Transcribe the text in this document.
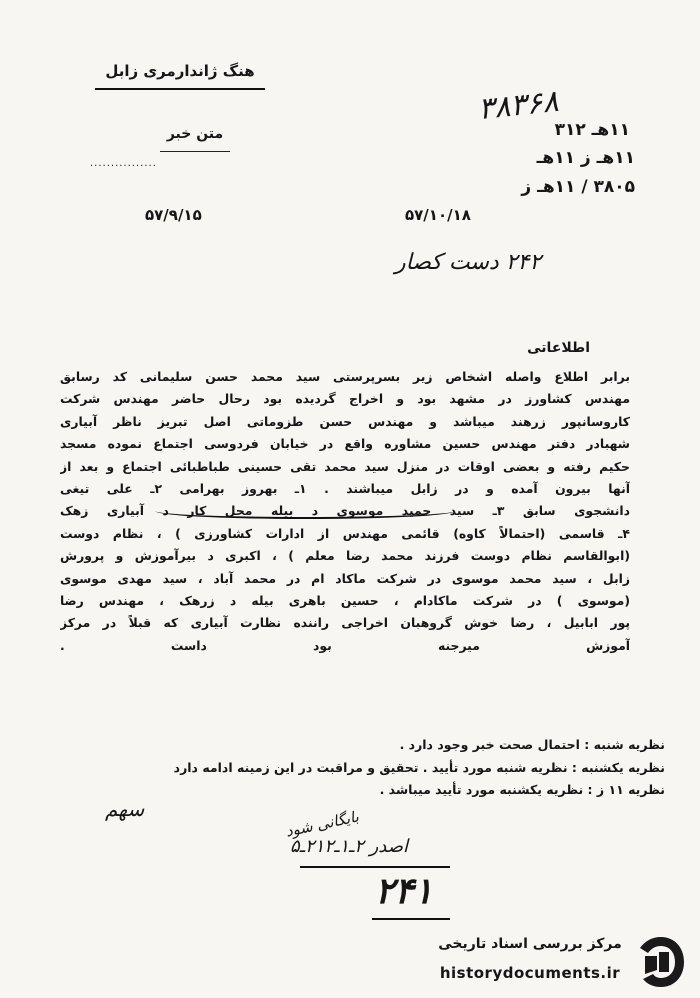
هنگ ژاندارمری زابل
متن خبر
................
۵۷/۹/۱۵
۳۸۳۶۸
۱۱هـ ۳۱۲
۱۱هـ ز ۱۱هـ
۳۸۰۵ / ۱۱هـ ز
۵۷/۱۰/۱۸
۲۴۲ دست کصار
اطلاعاتی
برابر اطلاع واصله اشخاص زیر بسرپرستی سید محمد حسن سلیمانی کد رسابق
مهندس کشاورز در مشهد بود و اخراج گردیده بود رحال حاضر مهندس شرکت
کاروسانپور زرهند میباشد و مهندس حسن طزوماتی اصل تبریز ناظر آبیاری
شهبادر دفتر مهندس حسین مشاوره واقع در خیابان فردوسی اجتماع نموده مسجد
حکیم رفته و بعضی اوقات در منزل سید محمد تقی حسینی طباطبائی اجتماع و بعد از
آنها بیرون آمده و در زابل میباشند . ۱ـ بهروز بهرامی ۲ـ علی تیغی
دانشجوی سابق ۳ـ سید حمید موسوی د بیله محل کار د آبیاری زهک
۴ـ قاسمی (احتمالاً کاوه) قائمی مهندس از ادارات کشاورزی ) ، نظام دوست
(ابوالقاسم نظام دوست فرزند محمد رضا معلم ) ، اکبری د بیرآموزش و پرورش
زابل ، سید محمد موسوی در شرکت ماکاد ام در محمد آباد ، سید مهدی موسوی
(موسوی ) در شرکت ماکادام ، حسین باهری بیله د زرهک ، مهندس رضا
پور ابابیل ، رضا خوش گروهبان اخراجی راننده نظارت آبیاری که قبلاً در مرکز
آموزش میرجنه بود داست .
نظریه شنبه : احتمال صحت خبر وجود دارد .
نظریه یکشنبه : نظریه شنبه مورد تأیید . تحقیق و مراقبت در این زمینه ادامه دارد
نظریه ۱۱ ز : نظریه یکشنبه مورد تأیید میباشد .
سهم	بایگانی شود
اصدر ۲ـ۱ـ۲۱۲ـ۵
۲۴۱
مرکز بررسی اسناد تاریخی
historydocuments.ir
